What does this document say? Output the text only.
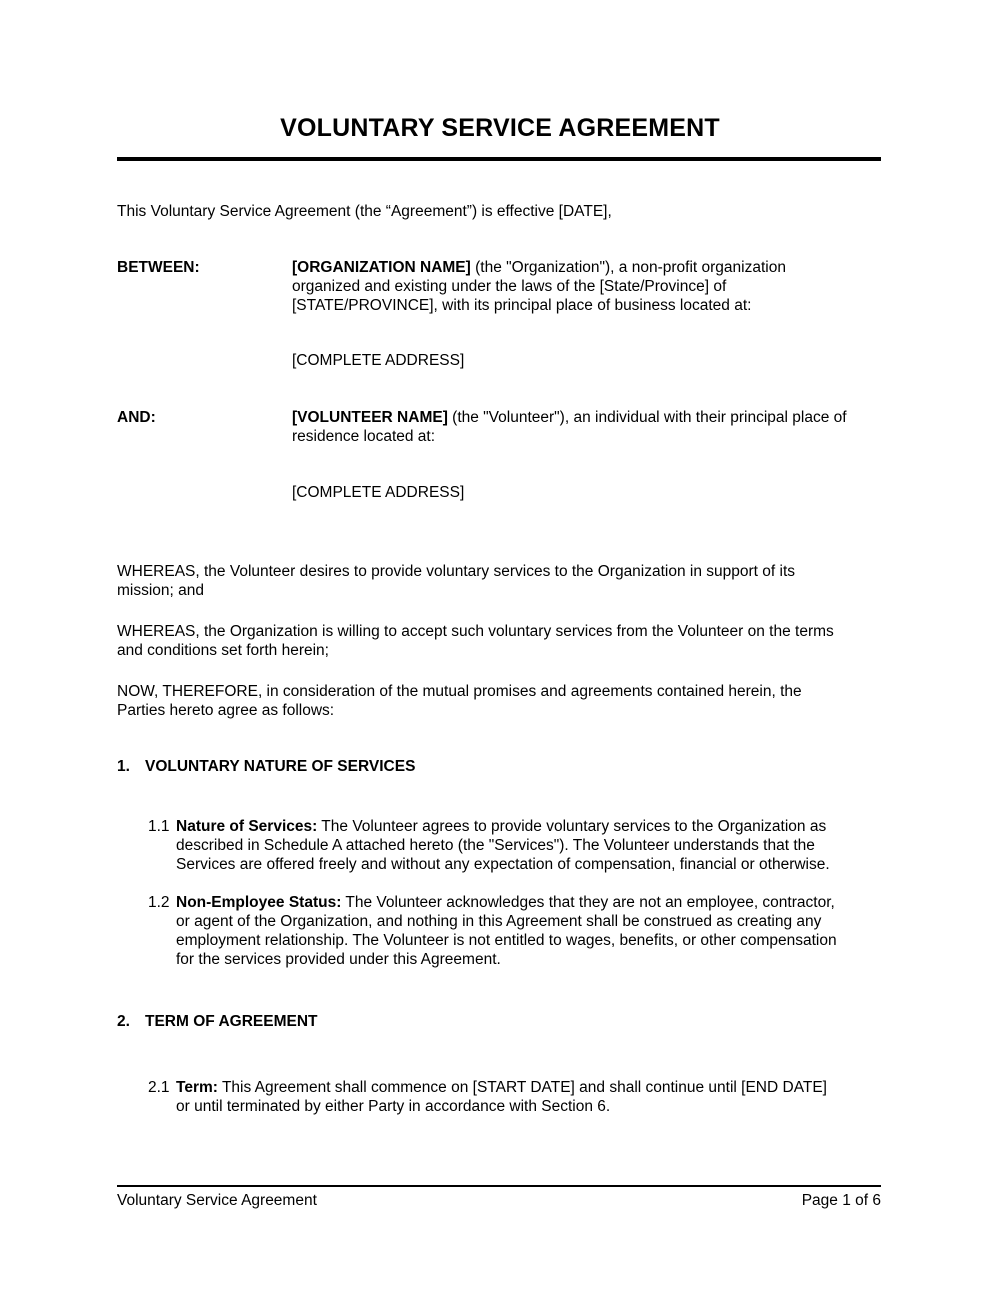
VOLUNTARY SERVICE AGREEMENT
This Voluntary Service Agreement (the “Agreement”) is effective [DATE],
BETWEEN:	[ORGANIZATION NAME] (the "Organization"), a non-profit organization
organized and existing under the laws of the [State/Province] of
[STATE/PROVINCE], with its principal place of business located at:
[COMPLETE ADDRESS]
AND:	[VOLUNTEER NAME] (the "Volunteer"), an individual with their principal place of
residence located at:
[COMPLETE ADDRESS]
WHEREAS, the Volunteer desires to provide voluntary services to the Organization in support of its
mission; and
WHEREAS, the Organization is willing to accept such voluntary services from the Volunteer on the terms
and conditions set forth herein;
NOW, THEREFORE, in consideration of the mutual promises and agreements contained herein, the
Parties hereto agree as follows:
1. VOLUNTARY NATURE OF SERVICES
1.1 Nature of Services: The Volunteer agrees to provide voluntary services to the Organization as
described in Schedule A attached hereto (the "Services"). The Volunteer understands that the
Services are offered freely and without any expectation of compensation, financial or otherwise.
1.2 Non-Employee Status: The Volunteer acknowledges that they are not an employee, contractor,
or agent of the Organization, and nothing in this Agreement shall be construed as creating any
employment relationship. The Volunteer is not entitled to wages, benefits, or other compensation
for the services provided under this Agreement.
2. TERM OF AGREEMENT
2.1 Term: This Agreement shall commence on [START DATE] and shall continue until [END DATE]
or until terminated by either Party in accordance with Section 6.
Voluntary Service Agreement	Page 1 of 6
